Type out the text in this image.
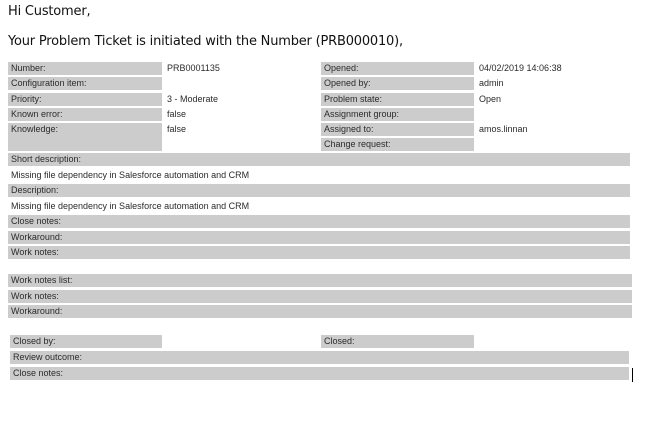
Hi Customer,
Your Problem Ticket is initiated with the Number (PRB000010),
Number:	PRB0001135
Configuration item:
Priority:	3 - Moderate
Known error:	false
Knowledge:	false
Opened:	04/02/2019 14:06:38
Opened by:	admin
Problem state:	Open
Assignment group:
Assigned to:	amos.linnan
Change request:
Short description:
Missing file dependency in Salesforce automation and CRM
Description:
Missing file dependency in Salesforce automation and CRM
Close notes:
Workaround:
Work notes:
Work notes list:
Work notes:
Workaround:
Closed by:	Closed:
Review outcome:
Close notes:
